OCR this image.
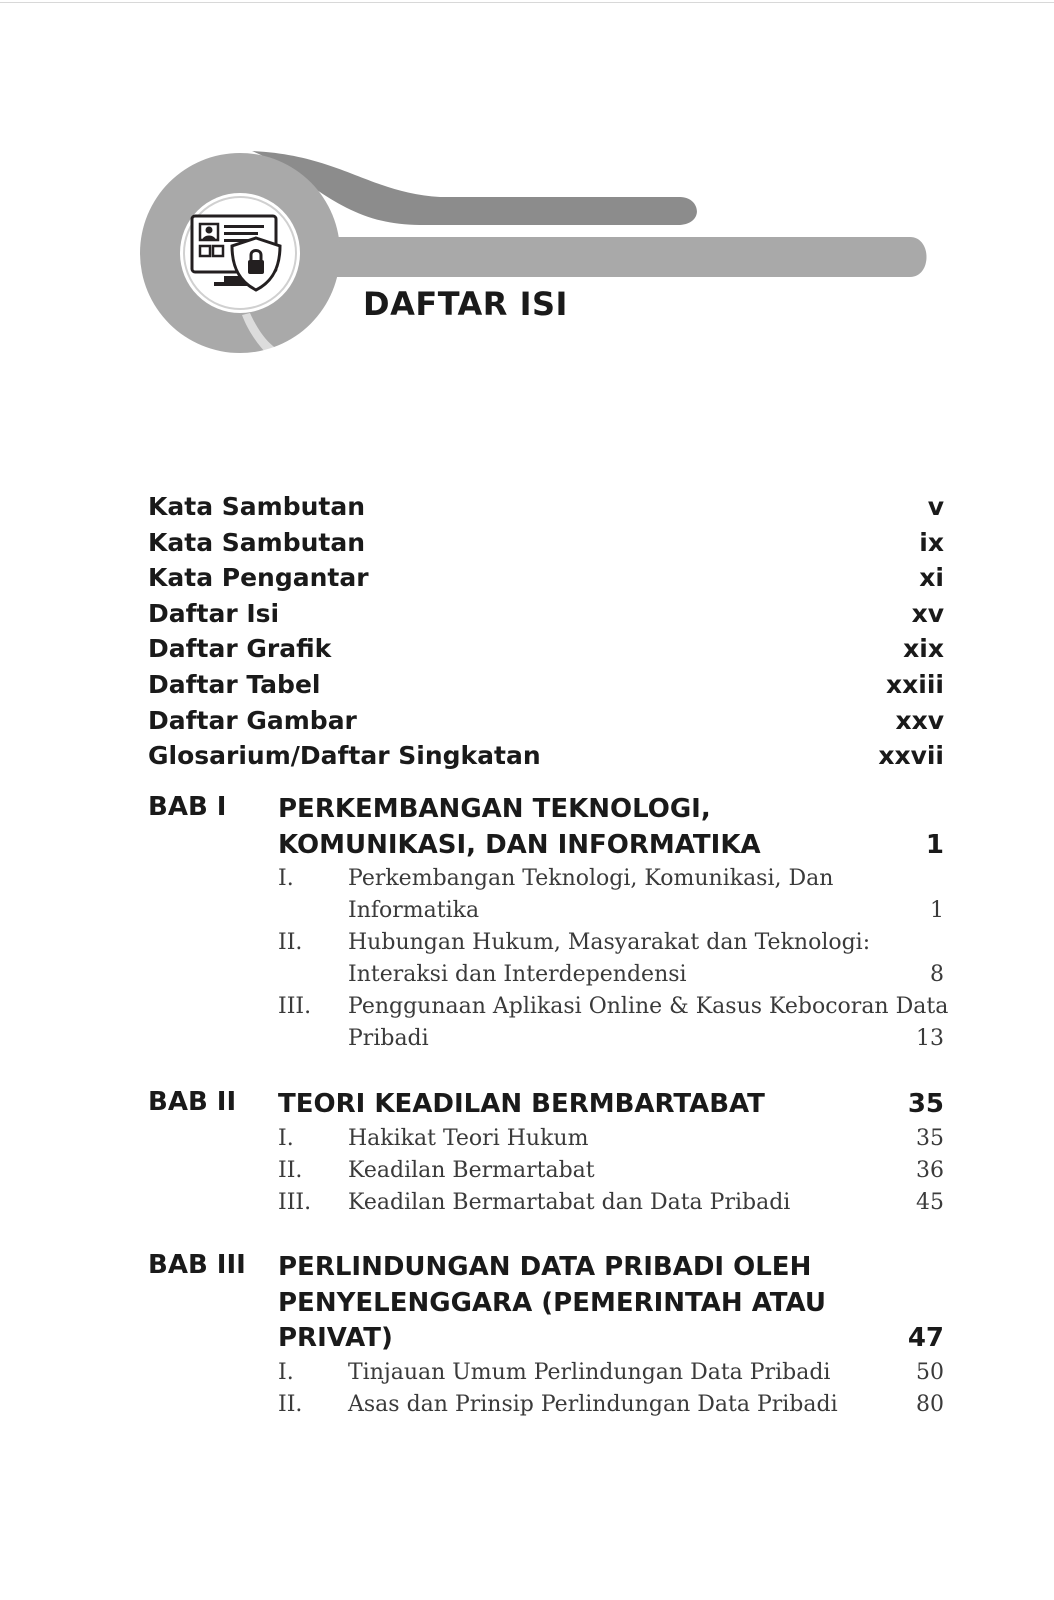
DAFTAR ISI
Kata Sambutan	v
Kata Sambutan	ix
Kata Pengantar	xi
Daftar Isi	xv
Daftar Grafik	xix
Daftar Tabel	xxiii
Daftar Gambar	xxv
Glosarium/Daftar Singkatan	xxvii
BAB I PERKEMBANGAN TEKNOLOGI,
KOMUNIKASI, DAN INFORMATIKA	1
I. Perkembangan Teknologi, Komunikasi, Dan
Informatika	1
II. Hubungan Hukum, Masyarakat dan Teknologi:
Interaksi dan Interdependensi	8
III. Penggunaan Aplikasi Online & Kasus Kebocoran Data
Pribadi	13
BAB II TEORI KEADILAN BERMBARTABAT	35
I. Hakikat Teori Hukum	35
II. Keadilan Bermartabat	36
III. Keadilan Bermartabat dan Data Pribadi	45
BAB III PERLINDUNGAN DATA PRIBADI OLEH
PENYELENGGARA (PEMERINTAH ATAU
PRIVAT)	47
I. Tinjauan Umum Perlindungan Data Pribadi	50
II. Asas dan Prinsip Perlindungan Data Pribadi	80
